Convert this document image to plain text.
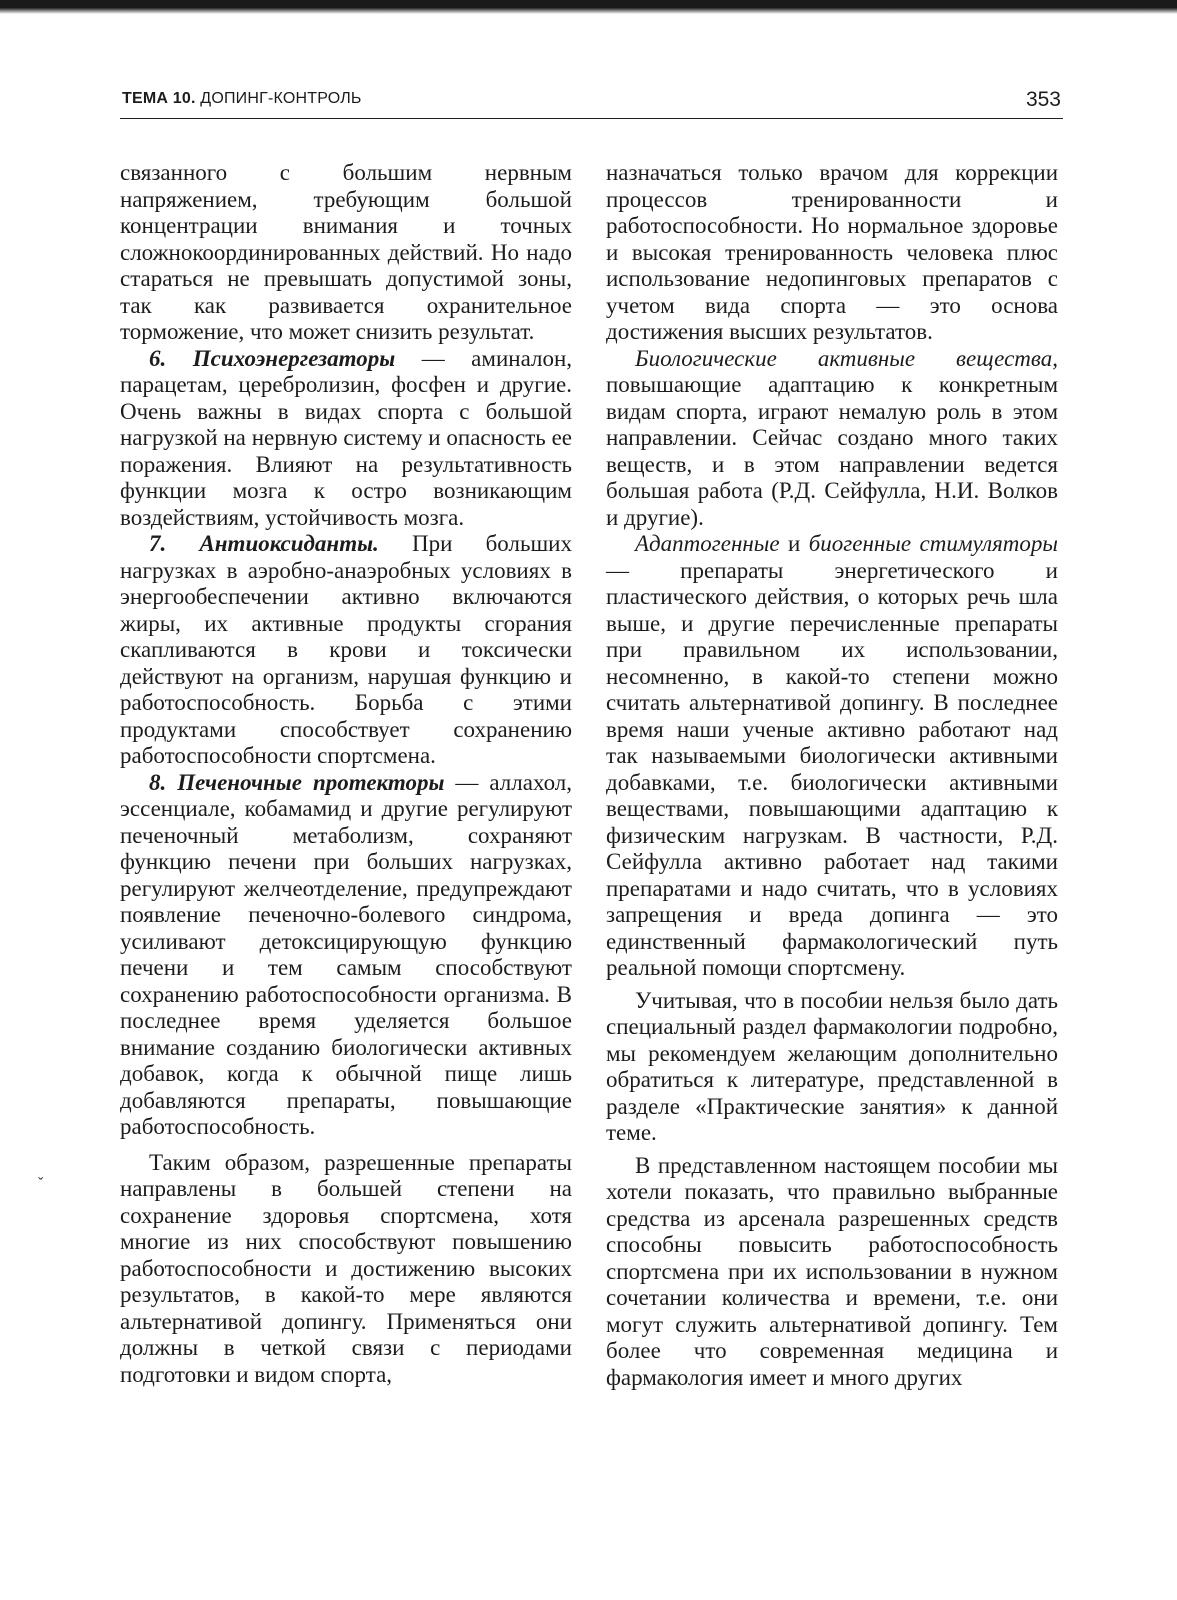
ТЕМА 10. ДОПИНГ-КОНТРОЛЬ	353

связанного с большим нервным напряжением, требующим большой концентрации внимания и точных сложнокоординированных действий. Но надо стараться не превышать допустимой зоны, так как развивается охранительное торможение, что может снизить результат.

6. Психоэнергезаторы — аминалон, парацетам, церебролизин, фосфен и другие. Очень важны в видах спорта с большой нагрузкой на нервную систему и опасность ее поражения. Влияют на результативность функции мозга к остро возникающим воздействиям, устойчивость мозга.

7. Антиоксиданты. При больших нагрузках в аэробно-анаэробных условиях в энергообеспечении активно включаются жиры, их активные продукты сгорания скапливаются в крови и токсически действуют на организм, нарушая функцию и работоспособность. Борьба с этими продуктами способствует сохранению работоспособности спортсмена.

8. Печеночные протекторы — аллахол, эссенциале, кобамамид и другие регулируют печеночный метаболизм, сохраняют функцию печени при больших нагрузках, регулируют желчеотделение, предупреждают появление печеночно-болевого синдрома, усиливают детоксицирующую функцию печени и тем самым способствуют сохранению работоспособности организма. В последнее время уделяется большое внимание созданию биологически активных добавок, когда к обычной пище лишь добавляются препараты, повышающие работоспособность.

Таким образом, разрешенные препараты направлены в большей степени на сохранение здоровья спортсмена, хотя многие из них способствуют повышению работоспособности и достижению высоких результатов, в какой-то мере являются альтернативой допингу. Применяться они должны в четкой связи с периодами подготовки и видом спорта,

назначаться только врачом для коррекции процессов тренированности и работоспособности. Но нормальное здоровье и высокая тренированность человека плюс использование недопинговых препаратов с учетом вида спорта — это основа достижения высших результатов.

Биологические активные вещества, повышающие адаптацию к конкретным видам спорта, играют немалую роль в этом направлении. Сейчас создано много таких веществ, и в этом направлении ведется большая работа (Р.Д. Сейфулла, Н.И. Волков и другие).

Адаптогенные и биогенные стимуляторы — препараты энергетического и пластического действия, о которых речь шла выше, и другие перечисленные препараты при правильном их использовании, несомненно, в какой-то степени можно считать альтернативой допингу. В последнее время наши ученые активно работают над так называемыми биологически активными добавками, т.е. биологически активными веществами, повышающими адаптацию к физическим нагрузкам. В частности, Р.Д. Сейфулла активно работает над такими препаратами и надо считать, что в условиях запрещения и вреда допинга — это единственный фармакологический путь реальной помощи спортсмену.

Учитывая, что в пособии нельзя было дать специальный раздел фармакологии подробно, мы рекомендуем желающим дополнительно обратиться к литературе, представленной в разделе «Практические занятия» к данной теме.

В представленном настоящем пособии мы хотели показать, что правильно выбранные средства из арсенала разрешенных средств способны повысить работоспособность спортсмена при их использовании в нужном сочетании количества и времени, т.е. они могут служить альтернативой допингу. Тем более что современная медицина и фармакология имеет и много других

ˇ
